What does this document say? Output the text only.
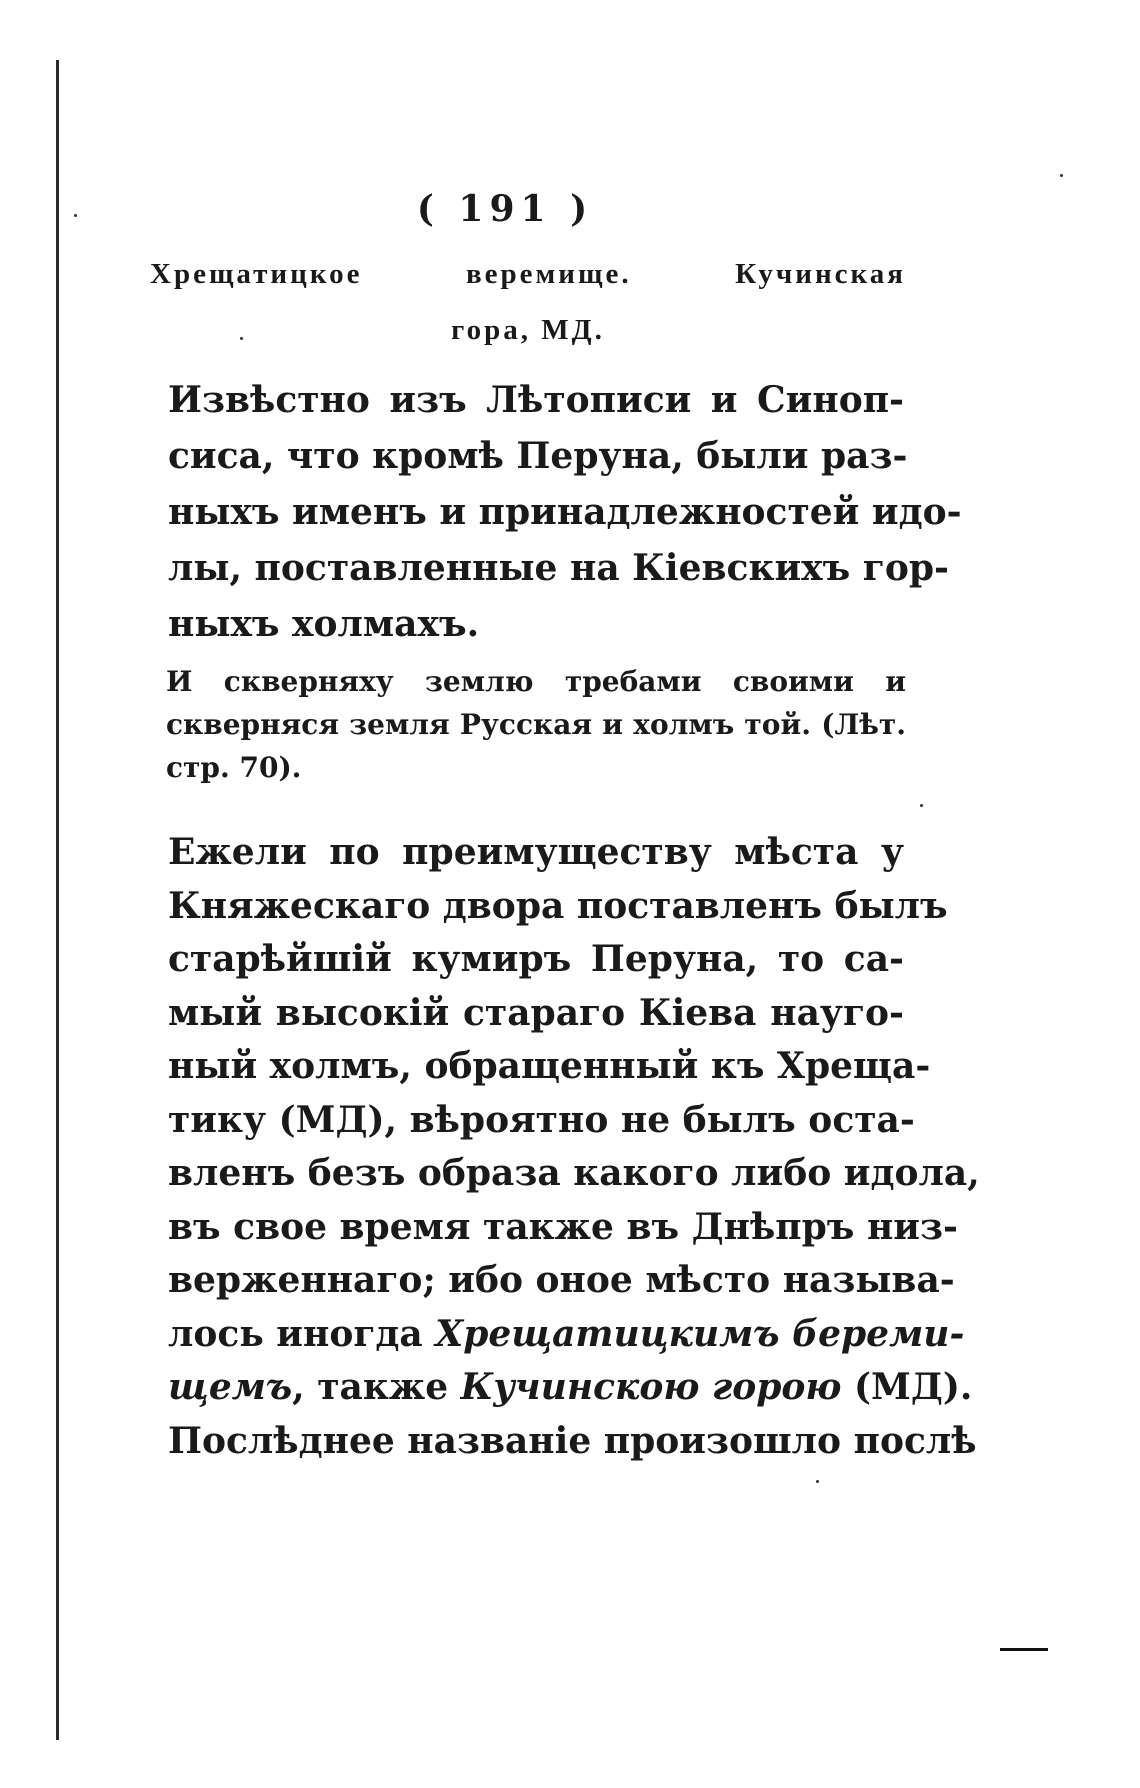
( 191 )
Хрещатицкое веремище. Кучинская
гора, МД.
Извѣстно изъ Лѣтописи и Синоп-
сиса, что кромѣ Перуна, были раз-
ныхъ именъ и принадлежностей идо-
лы, поставленные на Кіевскихъ гор-
ныхъ холмахъ.
И скверняху землю требами своими и
скверняся земля Русская и холмъ той. (Лѣт.
стр. 70).
Ежели по преимуществу мѣста у
Княжескаго двора поставленъ былъ
старѣйшій кумиръ Перуна, то са-
мый высокій стараго Кіева науго-
ный холмъ, обращенный къ Хреща-
тику (МД), вѣроятно не былъ оста-
вленъ безъ образа какого либо идола,
въ свое время также въ Днѣпръ низ-
верженнаго; ибо оное мѣсто называ-
лось иногда Хрещатицкимъ береми-
щемъ, также Кучинскою горою (МД).
Послѣднее названіе произошло послѣ
